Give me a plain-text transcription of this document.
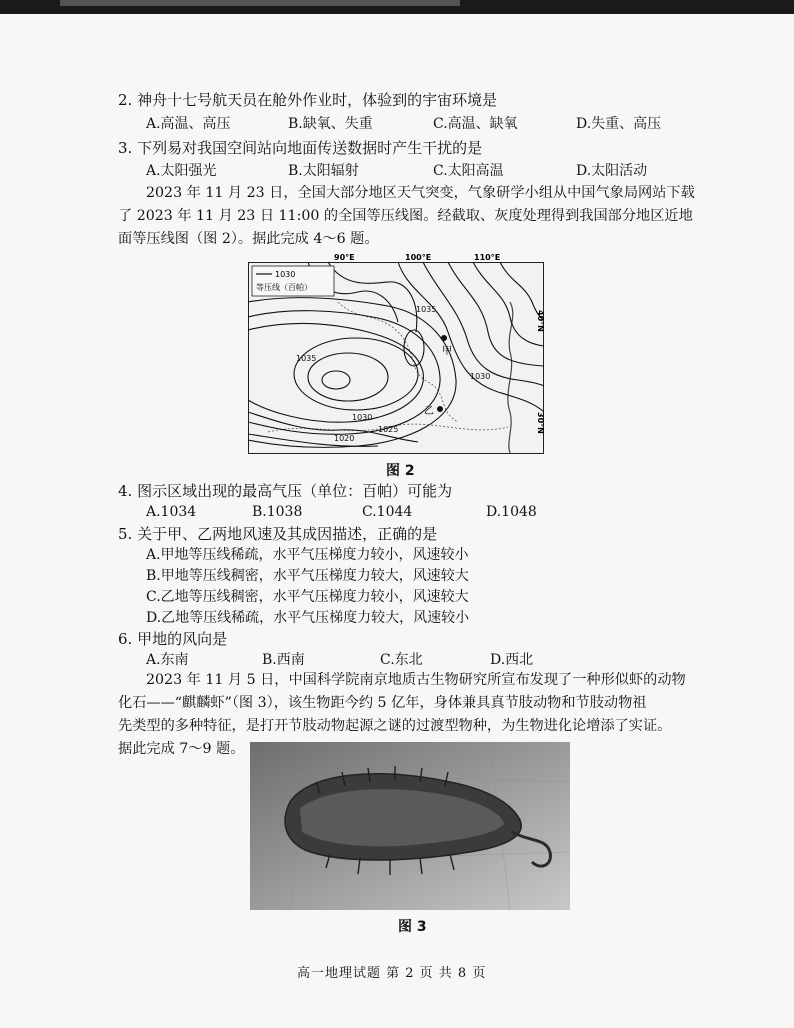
2. 神舟十七号航天员在舱外作业时，体验到的宇宙环境是
A.高温、高压	B.缺氧、失重	C.高温、缺氧	D.失重、高压
3. 下列易对我国空间站向地面传送数据时产生干扰的是
A.太阳强光	B.太阳辐射	C.太阳高温	D.太阳活动
2023 年 11 月 23 日，全国大部分地区天气突变，气象研学小组从中国气象局网站下载
了 2023 年 11 月 23 日 11:00 的全国等压线图。经截取、灰度处理得到我国部分地区近地
面等压线图（图 2）。据此完成 4～6 题。
1030
等压线（百帕）
90°E	100°E	110°E
40°N
30°N
1035
1035
1030
1030
1025
1020
甲
乙
图 2
4. 图示区域出现的最高气压（单位：百帕）可能为
A.1034	B.1038	C.1044	D.1048
5. 关于甲、乙两地风速及其成因描述，正确的是
A.甲地等压线稀疏，水平气压梯度力较小，风速较小
B.甲地等压线稠密，水平气压梯度力较大，风速较大
C.乙地等压线稠密，水平气压梯度力较小，风速较大
D.乙地等压线稀疏，水平气压梯度力较大，风速较小
6. 甲地的风向是
A.东南	B.西南	C.东北	D.西北
2023 年 11 月 5 日，中国科学院南京地质古生物研究所宣布发现了一种形似虾的动物
化石——“麒麟虾”（图 3），该生物距今约 5 亿年，身体兼具真节肢动物和节肢动物祖
先类型的多种特征，是打开节肢动物起源之谜的过渡型物种，为生物进化论增添了实证。
据此完成 7～9 题。
图 3
高一地理试题 第 2 页 共 8 页
